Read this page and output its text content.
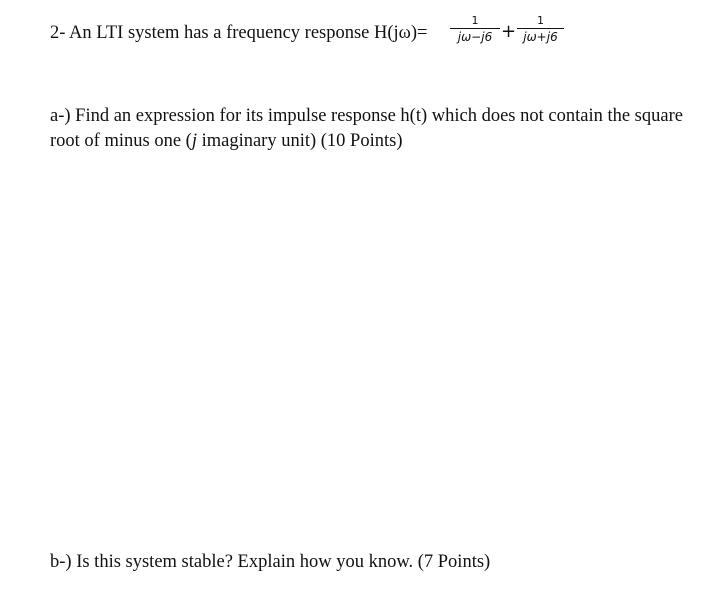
2- An LTI system has a frequency response $H(j\omega)= \frac{1}{j\omega-j6} + \frac{1}{j\omega+j6}$
a-) Find an expression for its impulse response h(t) which does not contain the square root of minus one (j imaginary unit) (10 Points)
b-) Is this system stable? Explain how you know. (7 Points)
